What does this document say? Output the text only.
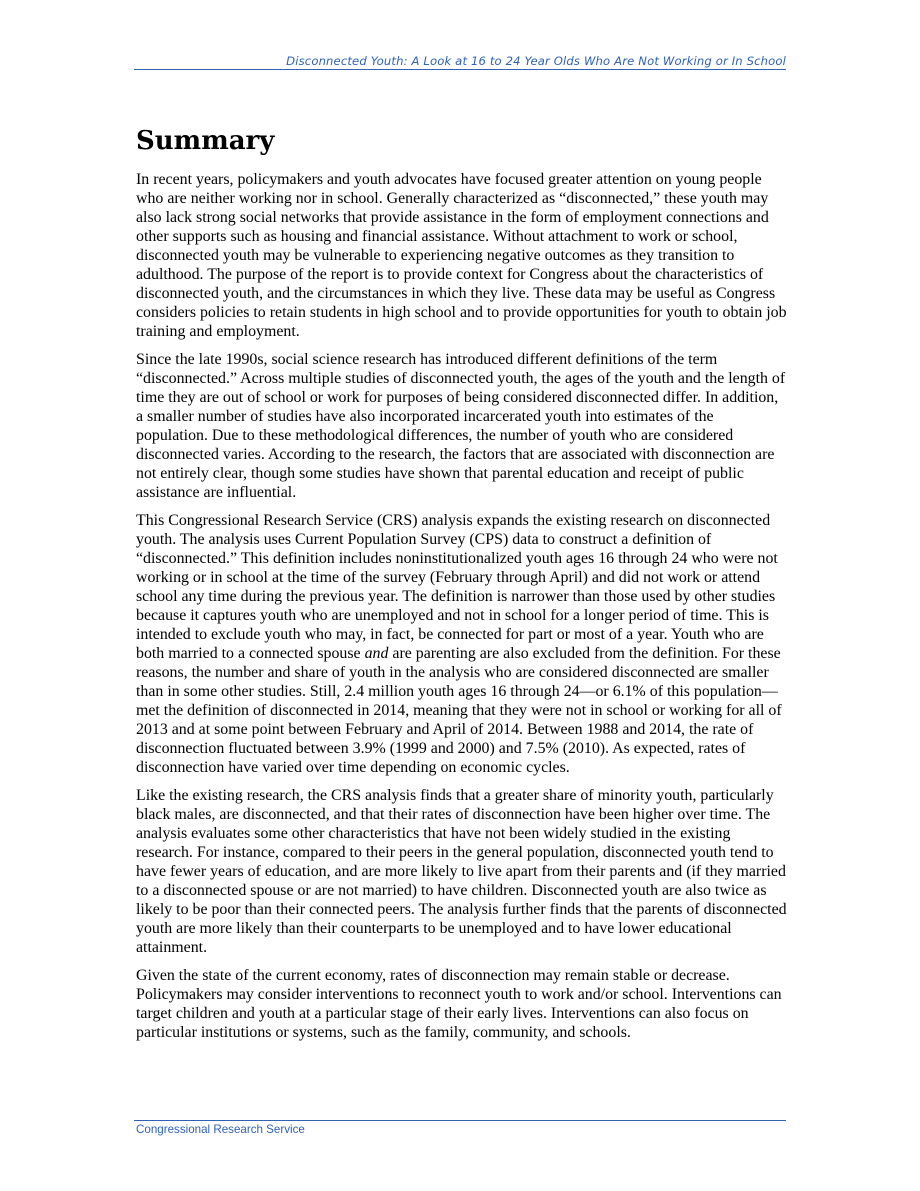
Disconnected Youth: A Look at 16 to 24 Year Olds Who Are Not Working or In School
Summary

In recent years, policymakers and youth advocates have focused greater attention on young people who are neither working nor in school. Generally characterized as “disconnected,” these youth may also lack strong social networks that provide assistance in the form of employment connections and other supports such as housing and financial assistance. Without attachment to work or school, disconnected youth may be vulnerable to experiencing negative outcomes as they transition to adulthood. The purpose of the report is to provide context for Congress about the characteristics of disconnected youth, and the circumstances in which they live. These data may be useful as Congress considers policies to retain students in high school and to provide opportunities for youth to obtain job training and employment.

Since the late 1990s, social science research has introduced different definitions of the term “disconnected.” Across multiple studies of disconnected youth, the ages of the youth and the length of time they are out of school or work for purposes of being considered disconnected differ. In addition, a smaller number of studies have also incorporated incarcerated youth into estimates of the population. Due to these methodological differences, the number of youth who are considered disconnected varies. According to the research, the factors that are associated with disconnection are not entirely clear, though some studies have shown that parental education and receipt of public assistance are influential.

This Congressional Research Service (CRS) analysis expands the existing research on disconnected youth. The analysis uses Current Population Survey (CPS) data to construct a definition of “disconnected.” This definition includes noninstitutionalized youth ages 16 through 24 who were not working or in school at the time of the survey (February through April) and did not work or attend school any time during the previous year. The definition is narrower than those used by other studies because it captures youth who are unemployed and not in school for a longer period of time. This is intended to exclude youth who may, in fact, be connected for part or most of a year. Youth who are both married to a connected spouse and are parenting are also excluded from the definition. For these reasons, the number and share of youth in the analysis who are considered disconnected are smaller than in some other studies. Still, 2.4 million youth ages 16 through 24—or 6.1% of this population—met the definition of disconnected in 2014, meaning that they were not in school or working for all of 2013 and at some point between February and April of 2014. Between 1988 and 2014, the rate of disconnection fluctuated between 3.9% (1999 and 2000) and 7.5% (2010). As expected, rates of disconnection have varied over time depending on economic cycles.

Like the existing research, the CRS analysis finds that a greater share of minority youth, particularly black males, are disconnected, and that their rates of disconnection have been higher over time. The analysis evaluates some other characteristics that have not been widely studied in the existing research. For instance, compared to their peers in the general population, disconnected youth tend to have fewer years of education, and are more likely to live apart from their parents and (if they married to a disconnected spouse or are not married) to have children. Disconnected youth are also twice as likely to be poor than their connected peers. The analysis further finds that the parents of disconnected youth are more likely than their counterparts to be unemployed and to have lower educational attainment.

Given the state of the current economy, rates of disconnection may remain stable or decrease. Policymakers may consider interventions to reconnect youth to work and/or school. Interventions can target children and youth at a particular stage of their early lives. Interventions can also focus on particular institutions or systems, such as the family, community, and schools.

Congressional Research Service
